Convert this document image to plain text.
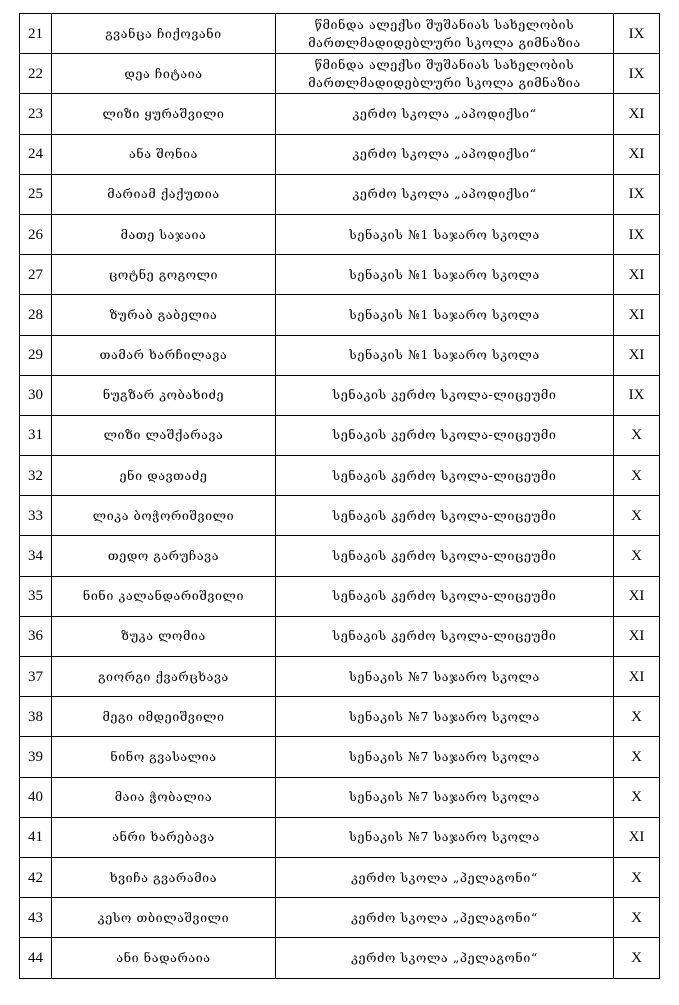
21	გვანცა ჩიქოვანი	წმინდა ალექსი შუშანიას სახელობის მართლმადიდებლური სკოლა გიმნაზია	IX
22	დეა ჩიტაია	წმინდა ალექსი შუშანიას სახელობის მართლმადიდებლური სკოლა გიმნაზია	IX
23	ლიზი ყურაშვილი	კერძო სკოლა „აპოდიქსი“	XI
24	ანა შონია	კერძო სკოლა „აპოდიქსი“	XI
25	მარიამ ქაქუთია	კერძო სკოლა „აპოდიქსი“	IX
26	მათე საჯაია	სენაკის №1 საჯარო სკოლა	IX
27	ცოტნე გოგოლი	სენაკის №1 საჯარო სკოლა	XI
28	ზურაბ გაბელია	სენაკის №1 საჯარო სკოლა	XI
29	თამარ ხარჩილავა	სენაკის №1 საჯარო სკოლა	XI
30	ნუგზარ კობახიძე	სენაკის კერძო სკოლა-ლიცეუმი	IX
31	ლიზი ლაშქარავა	სენაკის კერძო სკოლა-ლიცეუმი	X
32	ენი დავთაძე	სენაკის კერძო სკოლა-ლიცეუმი	X
33	ლიკა ბოჭორიშვილი	სენაკის კერძო სკოლა-ლიცეუმი	X
34	თედო გარუჩავა	სენაკის კერძო სკოლა-ლიცეუმი	X
35	ნინი კალანდარიშვილი	სენაკის კერძო სკოლა-ლიცეუმი	XI
36	ზუკა ლომია	სენაკის კერძო სკოლა-ლიცეუმი	XI
37	გიორგი ქვარცხავა	სენაკის №7 საჯარო სკოლა	XI
38	მეგი იმდეიშვილი	სენაკის №7 საჯარო სკოლა	X
39	ნინო გვასალია	სენაკის №7 საჯარო სკოლა	X
40	მაია ჭობალია	სენაკის №7 საჯარო სკოლა	X
41	ანრი ხარებავა	სენაკის №7 საჯარო სკოლა	XI
42	ხვიჩა გვარამია	კერძო სკოლა „პელაგონი“	X
43	კესო თბილაშვილი	კერძო სკოლა „პელაგონი“	X
44	ანი ნადარაია	კერძო სკოლა „პელაგონი“	X
